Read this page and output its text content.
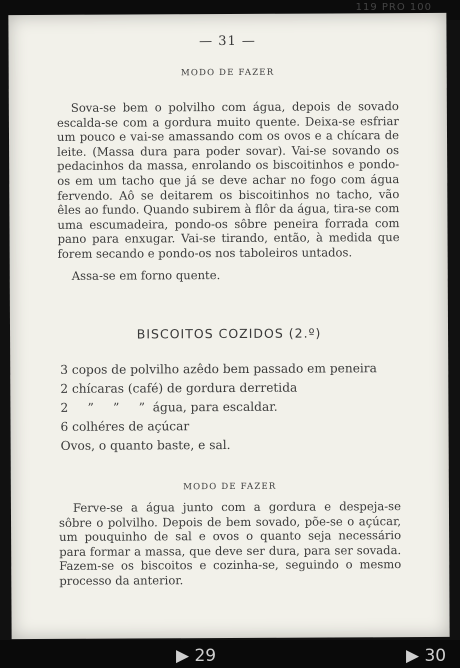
119 PRO 100
— 31 —
MODO DE FAZER

Sova-se bem o polvilho com água, depois de sovado escalda-se com a gordura muito quente. Deixa-se esfriar um pouco e vai-se amassando com os ovos e a chícara de leite. (Massa dura para poder sovar). Vai-se sovando os pedacinhos da massa, enrolando os biscoitinhos e pondo-os em um tacho que já se deve achar no fogo com água fervendo. Aô se deitarem os biscoitinhos no tacho, vão êles ao fundo. Quando subirem à flôr da água, tira-se com uma escumadeira, pondo-os sôbre peneira forrada com pano para enxugar. Vai-se tirando, então, à medida que forem secando e pondo-os nos taboleiros untados.

Assa-se em forno quente.

BISCOITOS COZIDOS (2.º)

3 copos de polvilho azêdo bem passado em peneira

2 chícaras (café) de gordura derretida

2     ”     ”     ”  água, para escaldar.

6 colhéres de açúcar

Ovos, o quanto baste, e sal.

MODO DE FAZER

Ferve-se a água junto com a gordura e despeja-se sôbre o polvilho. Depois de bem sovado, põe-se o açúcar, um pouquinho de sal e ovos o quanto seja necessário para formar a massa, que deve ser dura, para ser sovada. Fazem-se os biscoitos e cozinha-se, seguindo o mesmo processo da anterior.

▶ 29	▶ 30
